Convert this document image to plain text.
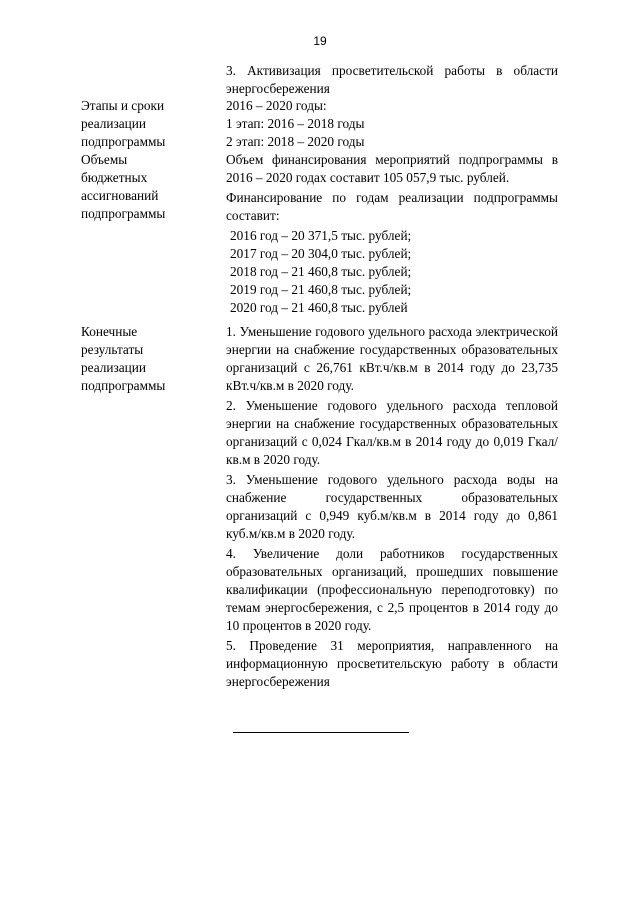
19

3. Активизация просветительской работы в области энергосбережения

Этапы и сроки
реализации
подпрограммы
2016 – 2020 годы:
1 этап: 2016 – 2018 годы
2 этап: 2018 – 2020 годы
Объемы
бюджетных
ассигнований
подпрограммы

Объем финансирования мероприятий подпрограммы в 2016 – 2020 годах составит 105 057,9 тыс. рублей.

Финансирование по годам реализации подпрограммы составит:

2016 год – 20 371,5 тыс. рублей;
2017 год – 20 304,0 тыс. рублей;
2018 год – 21 460,8 тыс. рублей;
2019 год – 21 460,8 тыс. рублей;
2020 год – 21 460,8 тыс. рублей
Конечные
результаты
реализации
подпрограммы

1. Уменьшение годового удельного расхода электрической энергии на снабжение государственных образовательных организаций с 26,761 кВт.ч/кв.м в 2014 году до 23,735 кВт.ч/кв.м в 2020 году.

2. Уменьшение годового удельного расхода тепловой энергии на снабжение государственных образовательных организаций с 0,024 Гкал/кв.м в 2014 году до 0,019 Гкал/кв.м в 2020 году.

3. Уменьшение годового удельного расхода воды на снабжение государственных образовательных организаций с 0,949 куб.м/кв.м в 2014 году до 0,861 куб.м/кв.м в 2020 году.

4. Увеличение доли работников государственных образовательных организаций, прошедших повышение квалификации (профессиональную переподготовку) по темам энергосбережения, с 2,5 процентов в 2014 году до 10 процентов в 2020 году.

5. Проведение 31 мероприятия, направленного на информационную просветительскую работу в области энергосбережения
